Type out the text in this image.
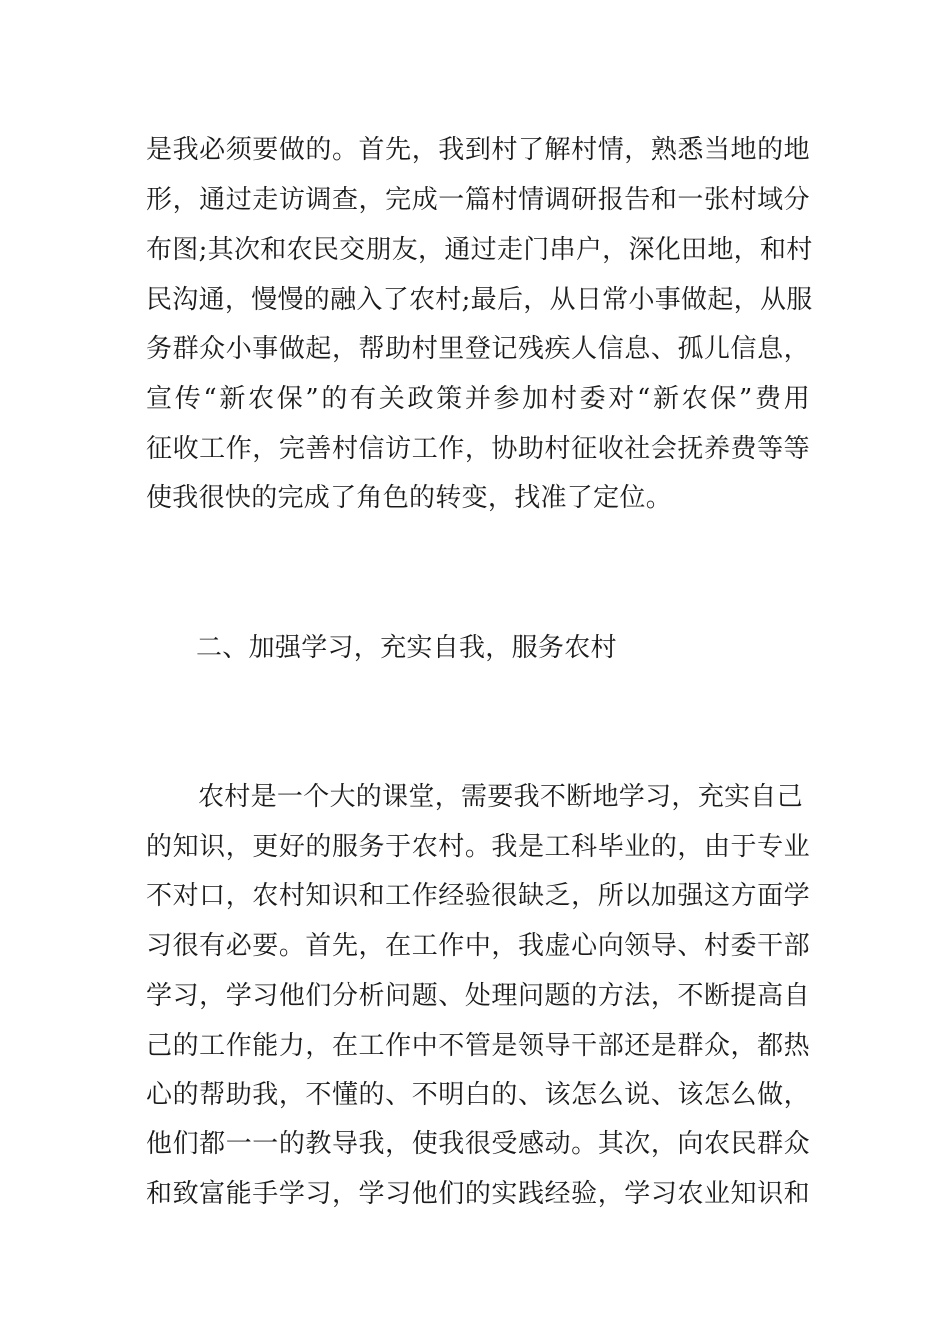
是我必须要做的。首先，我到村了解村情，熟悉当地的地
形，通过走访调查，完成一篇村情调研报告和一张村域分
布图;其次和农民交朋友，通过走门串户，深化田地，和村
民沟通，慢慢的融入了农村;最后，从日常小事做起，从服
务群众小事做起，帮助村里登记残疾人信息、孤儿信息，
宣传“新农保”的有关政策并参加村委对“新农保”费用
征收工作，完善村信访工作，协助村征收社会抚养费等等
使我很快的完成了角色的转变，找准了定位。
二、加强学习，充实自我，服务农村
农村是一个大的课堂，需要我不断地学习，充实自己
的知识，更好的服务于农村。我是工科毕业的，由于专业
不对口，农村知识和工作经验很缺乏，所以加强这方面学
习很有必要。首先，在工作中，我虚心向领导、村委干部
学习，学习他们分析问题、处理问题的方法，不断提高自
己的工作能力，在工作中不管是领导干部还是群众，都热
心的帮助我，不懂的、不明白的、该怎么说、该怎么做，
他们都一一的教导我，使我很受感动。其次，向农民群众
和致富能手学习，学习他们的实践经验，学习农业知识和
